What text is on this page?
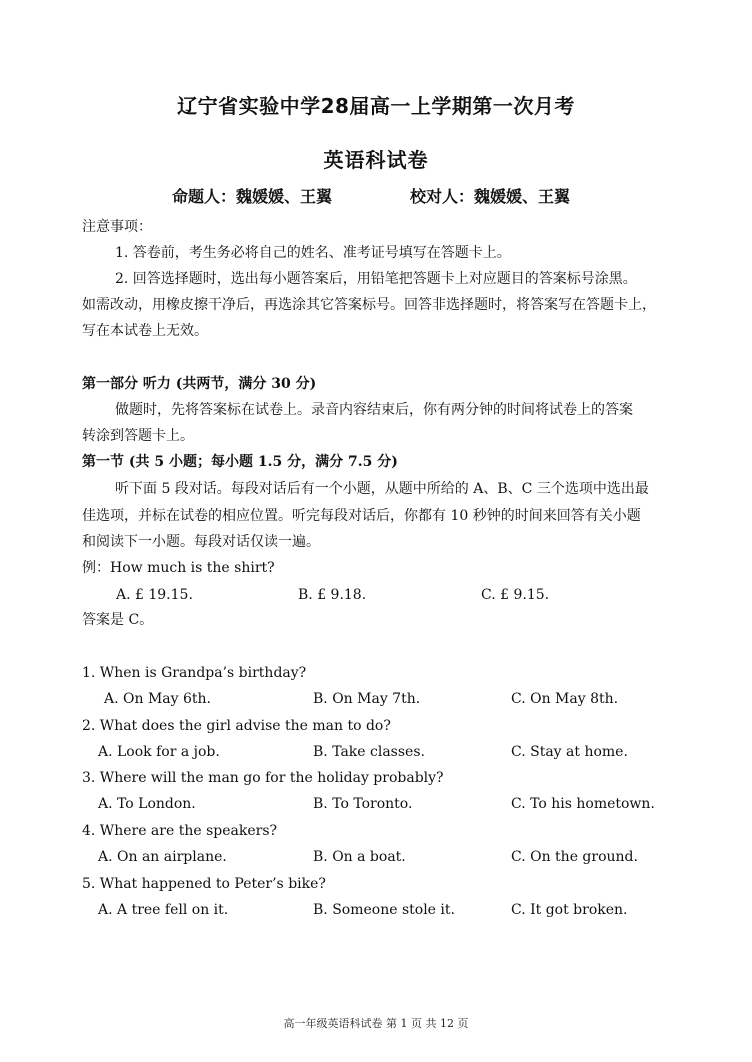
辽宁省实验中学28届高一上学期第一次月考
英语科试卷
命题人：魏媛媛、王翼	校对人：魏媛媛、王翼
注意事项：
1. 答卷前，考生务必将自己的姓名、准考证号填写在答题卡上。
2. 回答选择题时，选出每小题答案后，用铅笔把答题卡上对应题目的答案标号涂黑。
如需改动，用橡皮擦干净后，再选涂其它答案标号。回答非选择题时，将答案写在答题卡上，
写在本试卷上无效。
第一部分 听力 (共两节，满分 30 分)
做题时，先将答案标在试卷上。录音内容结束后，你有两分钟的时间将试卷上的答案
转涂到答题卡上。
第一节 (共 5 小题；每小题 1.5 分，满分 7.5 分)
听下面 5 段对话。每段对话后有一个小题，从题中所给的 A、B、C 三个选项中选出最
佳选项，并标在试卷的相应位置。听完每段对话后，你都有 10 秒钟的时间来回答有关小题
和阅读下一小题。每段对话仅读一遍。
例：How much is the shirt?
A. £ 19.15.	B. £ 9.18.	C. £ 9.15.
答案是 C。
1. When is Grandpa’s birthday?
A. On May 6th.	B. On May 7th.	C. On May 8th.
2. What does the girl advise the man to do?
A. Look for a job.	B. Take classes.	C. Stay at home.
3. Where will the man go for the holiday probably?
A. To London.	B. To Toronto.	C. To his hometown.
4. Where are the speakers?
A. On an airplane.	B. On a boat.	C. On the ground.
5. What happened to Peter’s bike?
A. A tree fell on it.	B. Someone stole it.	C. It got broken.
高一年级英语科试卷 第 1 页 共 12 页
